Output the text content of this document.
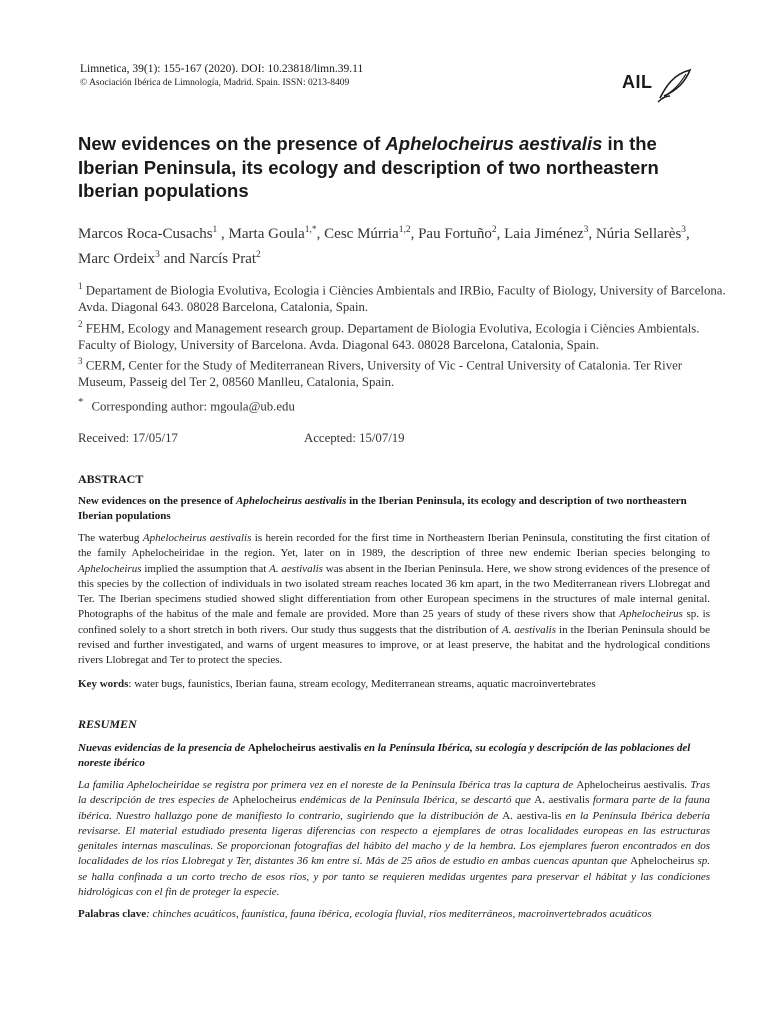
Limnetica, 39(1): 155-167 (2020). DOI: 10.23818/limn.39.11
© Asociación Ibérica de Limnología, Madrid. Spain. ISSN: 0213-8409	AIL
New evidences on the presence of Aphelocheirus aestivalis in the Iberian Peninsula, its ecology and description of two northeastern Iberian populations
Marcos Roca-Cusachs$^1$ , Marta Goula$^{1,*}$, Cesc Múrria$^{1,2}$, Pau Fortuño$^2$, Laia Jiménez$^3$, Núria Sellarès$^3$, Marc Ordeix$^3$ and Narcís Prat$^2$
$^1$ Departament de Biologia Evolutiva, Ecologia i Ciències Ambientals and IRBio, Faculty of Biology, University of Barcelona. Avda. Diagonal 643. 08028 Barcelona, Catalonia, Spain.
$^2$ FEHM, Ecology and Management research group. Departament de Biologia Evolutiva, Ecologia i Ciències Ambientals. Faculty of Biology, University of Barcelona. Avda. Diagonal 643. 08028 Barcelona, Catalonia, Spain.
$^3$ CERM, Center for the Study of Mediterranean Rivers, University of Vic - Central University of Catalonia. Ter River Museum, Passeig del Ter 2, 08560 Manlleu, Catalonia, Spain.
* Corresponding author: mgoula@ub.edu
Received: 17/05/17	Accepted: 15/07/19
ABSTRACT
New evidences on the presence of Aphelocheirus aestivalis in the Iberian Peninsula, its ecology and description of two northeastern Iberian populations
The waterbug Aphelocheirus aestivalis is herein recorded for the first time in Northeastern Iberian Peninsula, constituting the first citation of the family Aphelocheiridae in the region. Yet, later on in 1989, the description of three new endemic Iberian species belonging to Aphelocheirus implied the assumption that A. aestivalis was absent in the Iberian Peninsula. Here, we show strong evidences of the presence of this species by the collection of individuals in two isolated stream reaches located 36 km apart, in the two Mediterranean rivers Llobregat and Ter. The Iberian specimens studied showed slight differentiation from other European specimens in the structures of male internal genital. Photographs of the habitus of the male and female are provided. More than 25 years of study of these rivers show that Aphelocheirus sp. is confined solely to a short stretch in both rivers. Our study thus suggests that the distribution of A. aestivalis in the Iberian Peninsula should be revised and further investigated, and warns of urgent measures to improve, or at least preserve, the habitat and the hydrological conditions rivers Llobregat and Ter to protect the species.
Key words: water bugs, faunistics, Iberian fauna, stream ecology, Mediterranean streams, aquatic macroinvertebrates
RESUMEN
Nuevas evidencias de la presencia de Aphelocheirus aestivalis en la Península Ibérica, su ecología y descripción de las poblaciones del noreste ibérico
La familia Aphelocheiridae se registra por primera vez en el noreste de la Península Ibérica tras la captura de Aphelocheirus aestivalis. Tras la descripción de tres especies de Aphelocheirus endémicas de la Península Ibérica, se descartó que A. aestivalis formara parte de la fauna ibérica. Nuestro hallazgo pone de manifiesto lo contrario, sugiriendo que la distribución de A. aestiva-lis en la Península Ibérica debería revisarse. El material estudiado presenta ligeras diferencias con respecto a ejemplares de otras localidades europeas en las estructuras genitales internas masculinas. Se proporcionan fotografías del hábito del macho y de la hembra. Los ejemplares fueron encontrados en dos localidades de los ríos Llobregat y Ter, distantes 36 km entre sí. Más de 25 años de estudio en ambas cuencas apuntan que Aphelocheirus sp. se halla confinada a un corto trecho de esos ríos, y por tanto se requieren medidas urgentes para preservar el hábitat y las condiciones hidrológicas con el fin de proteger la especie.
Palabras clave: chinches acuáticos, faunística, fauna ibérica, ecología fluvial, ríos mediterráneos, macroinvertebrados acuáticos
